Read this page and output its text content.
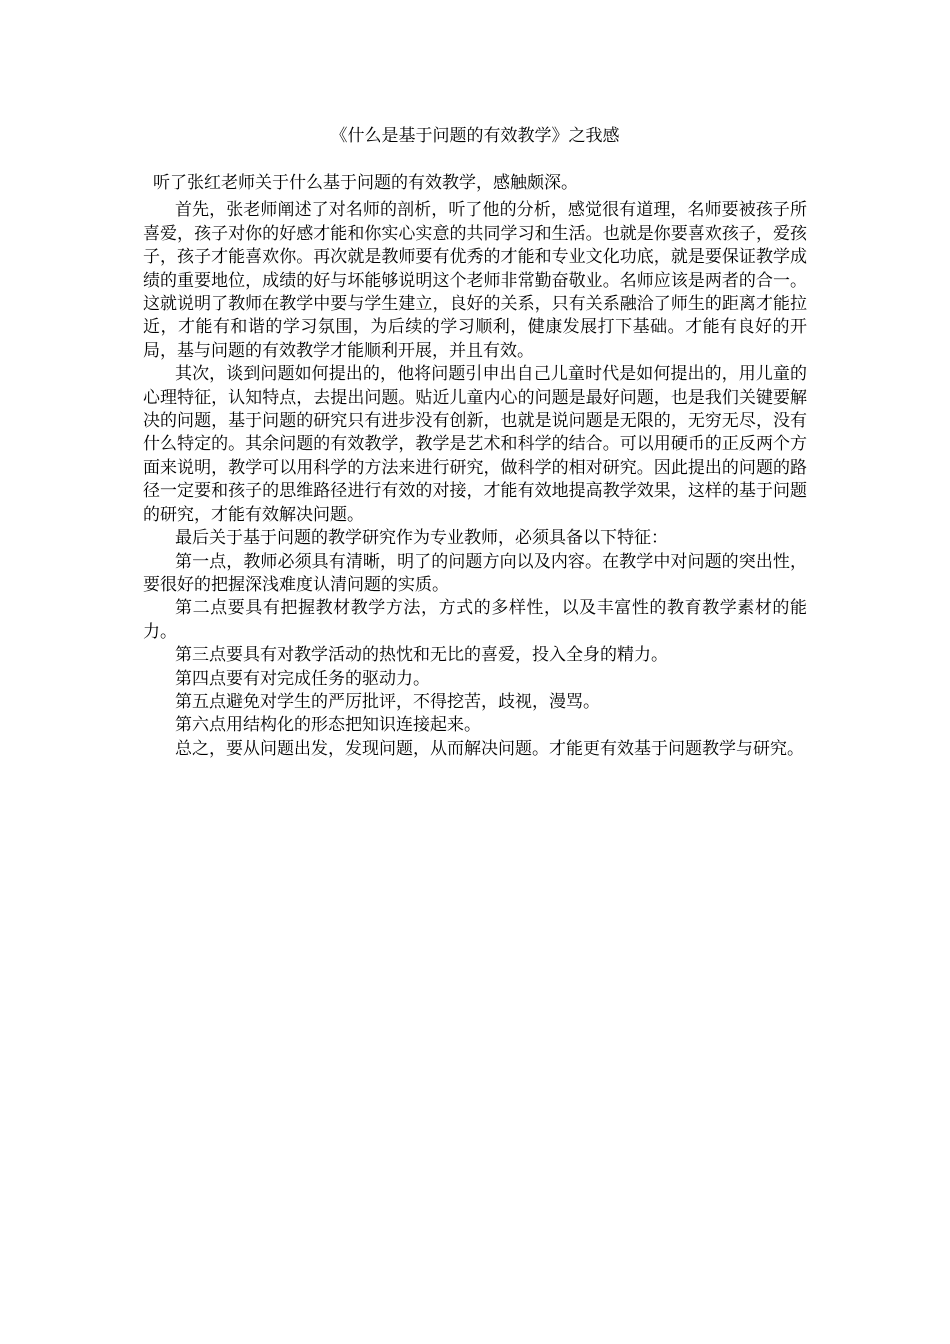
《什么是基于问题的有效教学》之我感

听了张红老师关于什么基于问题的有效教学，感触颇深。

首先，张老师阐述了对名师的剖析，听了他的分析，感觉很有道理，名师要被孩子所喜爱，孩子对你的好感才能和你实心实意的共同学习和生活。也就是你要喜欢孩子，爱孩子，孩子才能喜欢你。再次就是教师要有优秀的才能和专业文化功底，就是要保证教学成绩的重要地位，成绩的好与坏能够说明这个老师非常勤奋敬业。名师应该是两者的合一。这就说明了教师在教学中要与学生建立，良好的关系，只有关系融洽了师生的距离才能拉近，才能有和谐的学习氛围，为后续的学习顺利，健康发展打下基础。才能有良好的开局，基与问题的有效教学才能顺利开展，并且有效。

其次，谈到问题如何提出的，他将问题引申出自己儿童时代是如何提出的，用儿童的心理特征，认知特点，去提出问题。贴近儿童内心的问题是最好问题，也是我们关键要解决的问题，基于问题的研究只有进步没有创新，也就是说问题是无限的，无穷无尽，没有什么特定的。其余问题的有效教学，教学是艺术和科学的结合。可以用硬币的正反两个方面来说明，教学可以用科学的方法来进行研究，做科学的相对研究。因此提出的问题的路径一定要和孩子的思维路径进行有效的对接，才能有效地提高教学效果，这样的基于问题的研究，才能有效解决问题。

最后关于基于问题的教学研究作为专业教师，必须具备以下特征：

第一点，教师必须具有清晰，明了的问题方向以及内容。在教学中对问题的突出性，要很好的把握深浅难度认清问题的实质。

第二点要具有把握教材教学方法，方式的多样性，以及丰富性的教育教学素材的能力。

第三点要具有对教学活动的热忱和无比的喜爱，投入全身的精力。

第四点要有对完成任务的驱动力。

第五点避免对学生的严厉批评，不得挖苦，歧视，漫骂。

第六点用结构化的形态把知识连接起来。

总之，要从问题出发，发现问题，从而解决问题。才能更有效基于问题教学与研究。
